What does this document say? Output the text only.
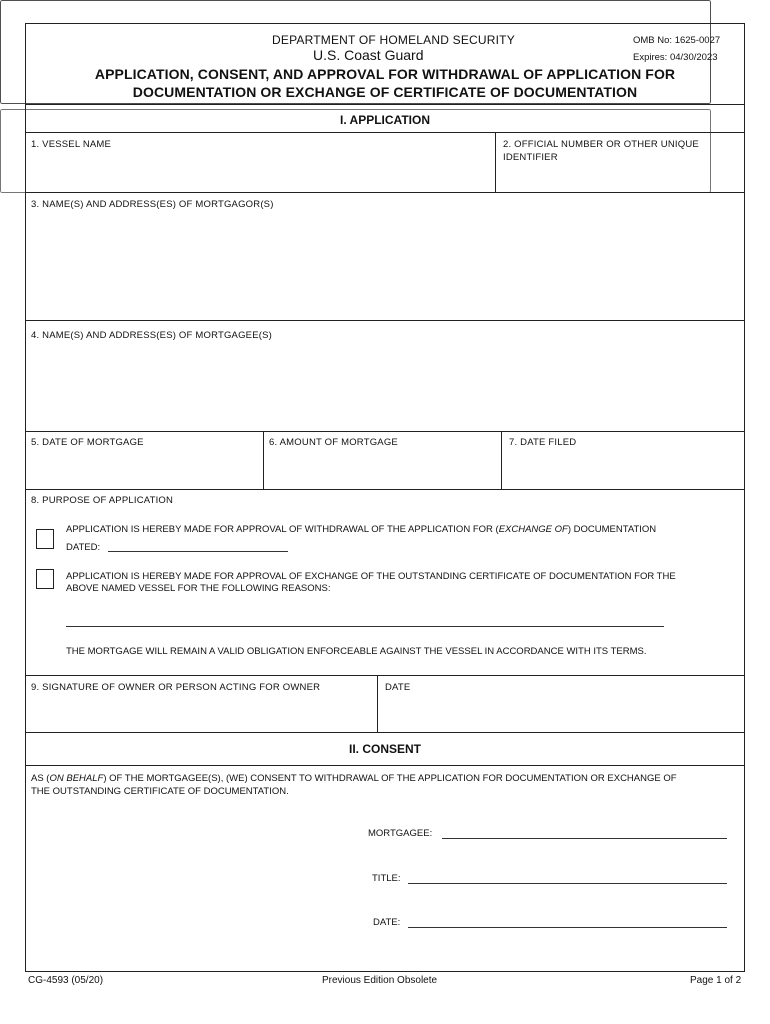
DEPARTMENT OF HOMELAND SECURITY
U.S. Coast Guard
OMB No: 1625-0027
Expires: 04/30/2023
APPLICATION, CONSENT, AND APPROVAL FOR WITHDRAWAL OF APPLICATION FOR
DOCUMENTATION OR EXCHANGE OF CERTIFICATE OF DOCUMENTATION
I. APPLICATION
1. VESSEL NAME	2. OFFICIAL NUMBER OR OTHER UNIQUE
IDENTIFIER
3. NAME(S) AND ADDRESS(ES) OF MORTGAGOR(S)

4. NAME(S) AND ADDRESS(ES) OF MORTGAGEE(S)
5. DATE OF MORTGAGE	6. AMOUNT OF MORTGAGE	7. DATE FILED
8. PURPOSE OF APPLICATION
APPLICATION IS HEREBY MADE FOR APPROVAL OF WITHDRAWAL OF THE APPLICATION FOR (EXCHANGE OF) DOCUMENTATION
DATED:
APPLICATION IS HEREBY MADE FOR APPROVAL OF EXCHANGE OF THE OUTSTANDING CERTIFICATE OF DOCUMENTATION FOR THE
ABOVE NAMED VESSEL FOR THE FOLLOWING REASONS:
THE MORTGAGE WILL REMAIN A VALID OBLIGATION ENFORCEABLE AGAINST THE VESSEL IN ACCORDANCE WITH ITS TERMS.
9. SIGNATURE OF OWNER OR PERSON ACTING FOR OWNER	DATE
II. CONSENT
AS (ON BEHALF) OF THE MORTGAGEE(S), (WE) CONSENT TO WITHDRAWAL OF THE APPLICATION FOR DOCUMENTATION OR EXCHANGE OF
THE OUTSTANDING CERTIFICATE OF DOCUMENTATION.
MORTGAGEE:
TITLE:
DATE:
CG-4593 (05/20)	Previous Edition Obsolete	Page 1 of 2
